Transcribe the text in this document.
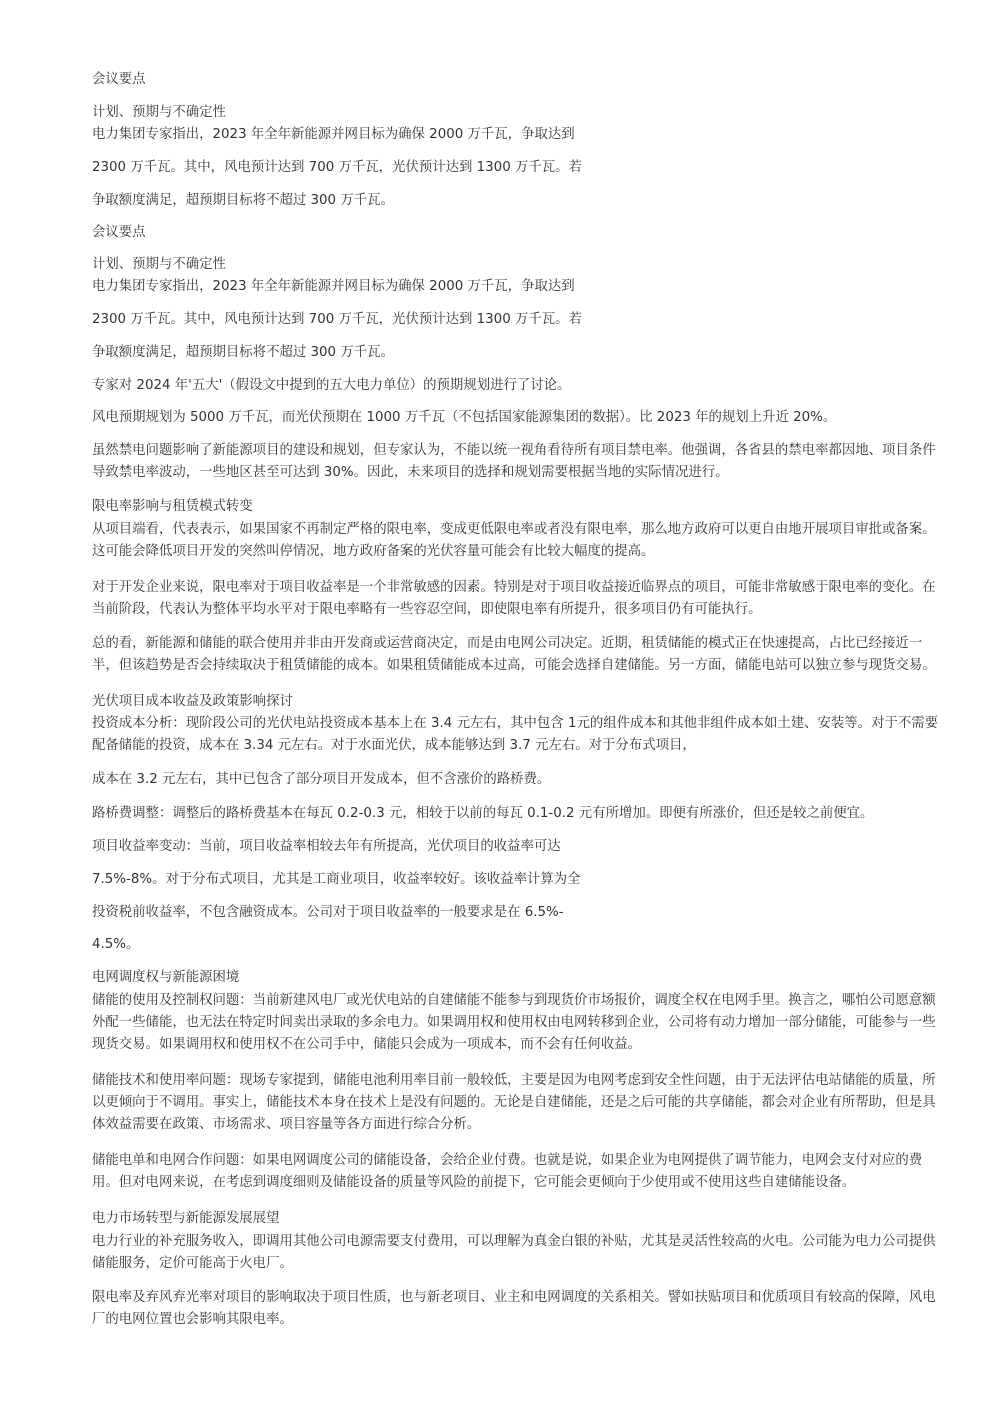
会议要点
计划、预期与不确定性
电力集团专家指出，2023 年全年新能源并网目标为确保 2000 万千瓦，争取达到
2300 万千瓦。其中，风电预计达到 700 万千瓦，光伏预计达到 1300 万千瓦。若
争取额度满足，超预期目标将不超过 300 万千瓦。
会议要点
计划、预期与不确定性
电力集团专家指出，2023 年全年新能源并网目标为确保 2000 万千瓦，争取达到
2300 万千瓦。其中，风电预计达到 700 万千瓦，光伏预计达到 1300 万千瓦。若
争取额度满足，超预期目标将不超过 300 万千瓦。
专家对 2024 年'五大'（假设文中提到的五大电力单位）的预期规划进行了讨论。
风电预期规划为 5000 万千瓦，而光伏预期在 1000 万千瓦（不包括国家能源集团的数据）。比 2023 年的规划上升近 20%。
虽然禁电问题影响了新能源项目的建设和规划，但专家认为，不能以统一视角看待所有项目禁电率。他强调，各省县的禁电率都因地、项目条件导致禁电率波动，一些地区甚至可达到 30%。因此，未来项目的选择和规划需要根据当地的实际情况进行。
限电率影响与租赁模式转变
从项目端看，代表表示，如果国家不再制定严格的限电率，变成更低限电率或者没有限电率，那么地方政府可以更自由地开展项目审批或备案。这可能会降低项目开发的突然叫停情况，地方政府备案的光伏容量可能会有比较大幅度的提高。
对于开发企业来说，限电率对于项目收益率是一个非常敏感的因素。特别是对于项目收益接近临界点的项目，可能非常敏感于限电率的变化。在当前阶段，代表认为整体平均水平对于限电率略有一些容忍空间，即使限电率有所提升，很多项目仍有可能执行。
总的看，新能源和储能的联合使用并非由开发商或运营商决定，而是由电网公司决定。近期，租赁储能的模式正在快速提高，占比已经接近一半，但该趋势是否会持续取决于租赁储能的成本。如果租赁储能成本过高，可能会选择自建储能。另一方面，储能电站可以独立参与现货交易。
光伏项目成本收益及政策影响探讨
投资成本分析：现阶段公司的光伏电站投资成本基本上在 3.4 元左右，其中包含 1元的组件成本和其他非组件成本如土建、安装等。对于不需要配备储能的投资，成本在 3.34 元左右。对于水面光伏，成本能够达到 3.7 元左右。对于分布式项目，
成本在 3.2 元左右，其中已包含了部分项目开发成本，但不含涨价的路桥费。
路桥费调整：调整后的路桥费基本在每瓦 0.2-0.3 元，相较于以前的每瓦 0.1-0.2 元有所增加。即便有所涨价，但还是较之前便宜。
项目收益率变动：当前，项目收益率相较去年有所提高，光伏项目的收益率可达
7.5%-8%。对于分布式项目，尤其是工商业项目，收益率较好。该收益率计算为全
投资税前收益率，不包含融资成本。公司对于项目收益率的一般要求是在 6.5%-
4.5%。
电网调度权与新能源困境
储能的使用及控制权问题：当前新建风电厂或光伏电站的自建储能不能参与到现货价市场报价，调度全权在电网手里。换言之，哪怕公司愿意额外配一些储能，也无法在特定时间卖出录取的多余电力。如果调用权和使用权由电网转移到企业，公司将有动力增加一部分储能，可能参与一些现货交易。如果调用权和使用权不在公司手中，储能只会成为一项成本，而不会有任何收益。
储能技术和使用率问题：现场专家提到，储能电池利用率目前一般较低，主要是因为电网考虑到安全性问题，由于无法评估电站储能的质量，所以更倾向于不调用。事实上，储能技术本身在技术上是没有问题的。无论是自建储能，还是之后可能的共享储能，都会对企业有所帮助，但是具体效益需要在政策、市场需求、项目容量等各方面进行综合分析。
储能电单和电网合作问题：如果电网调度公司的储能设备，会给企业付费。也就是说，如果企业为电网提供了调节能力，电网会支付对应的费用。但对电网来说，在考虑到调度细则及储能设备的质量等风险的前提下，它可能会更倾向于少使用或不使用这些自建储能设备。
电力市场转型与新能源发展展望
电力行业的补充服务收入，即调用其他公司电源需要支付费用，可以理解为真金白银的补贴，尤其是灵活性较高的火电。公司能为电力公司提供储能服务，定价可能高于火电厂。
限电率及弃风弃光率对项目的影响取决于项目性质，也与新老项目、业主和电网调度的关系相关。譬如扶贴项目和优质项目有较高的保障，风电厂的电网位置也会影响其限电率。
